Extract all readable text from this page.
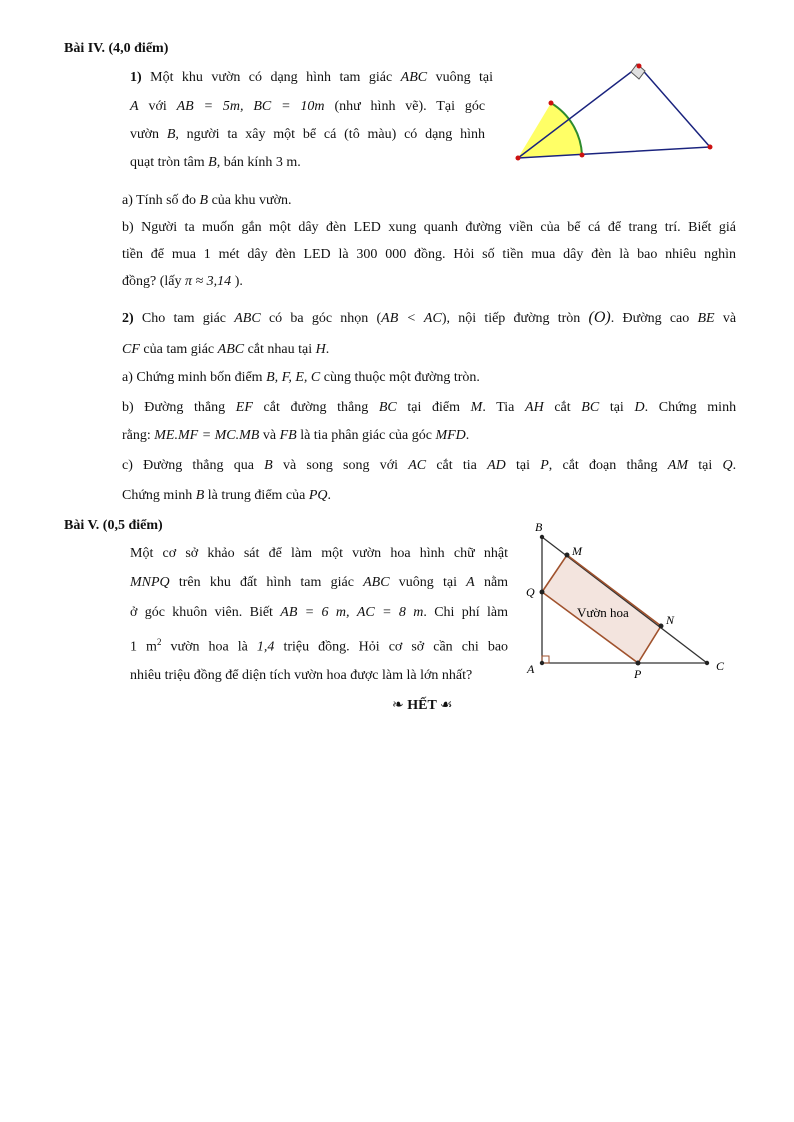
Bài IV. (4,0 điểm)
1) Một khu vườn có dạng hình tam giác ABC vuông tại
A với AB = 5m, BC = 10m (như hình vẽ). Tại góc
vườn B, người ta xây một bể cá (tô màu) có dạng hình
quạt tròn tâm B, bán kính 3 m.
a) Tính số đo B của khu vườn.
b) Người ta muốn gắn một dây đèn LED xung quanh đường viền của bể cá để trang trí. Biết giá
tiền để mua 1 mét dây đèn LED là 300 000 đồng. Hỏi số tiền mua dây đèn là bao nhiêu nghìn
đồng? (lấy π ≈ 3,14 ).
2) Cho tam giác ABC có ba góc nhọn (AB < AC), nội tiếp đường tròn (O). Đường cao BE và
CF của tam giác ABC cắt nhau tại H.
a) Chứng minh bốn điểm B, F, E, C cùng thuộc một đường tròn.
b) Đường thẳng EF cắt đường thẳng BC tại điểm M. Tia AH cắt BC tại D. Chứng minh
rằng: ME.MF = MC.MB và FB là tia phân giác của góc MFD.
c) Đường thẳng qua B và song song với AC cắt tia AD tại P, cắt đoạn thẳng AM tại Q.
Chứng minh B là trung điểm của PQ.
Bài V. (0,5 điểm)
Một cơ sở khảo sát để làm một vườn hoa hình chữ nhật
MNPQ trên khu đất hình tam giác ABC vuông tại A nằm
ở góc khuôn viên. Biết AB = 6 m, AC = 8 m. Chi phí làm
1 $m^2$ vườn hoa là 1,4 triệu đồng. Hỏi cơ sở cần chi bao
nhiêu triệu đồng để diện tích vườn hoa được làm là lớn nhất?
B
A	C
M
N
P
Q
Vườn hoa
❧ HẾT ☙
